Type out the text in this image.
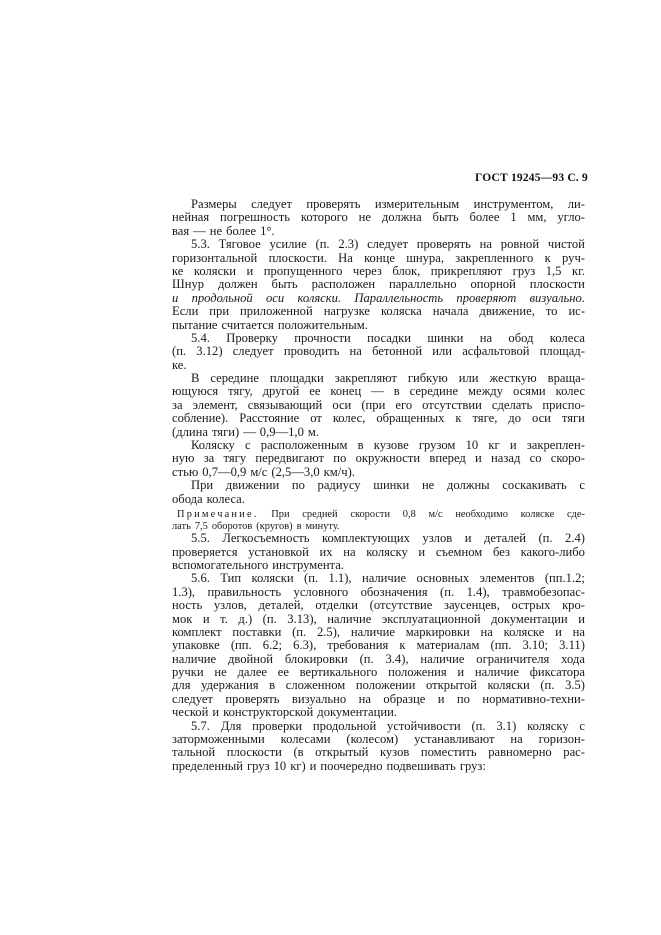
ГОСТ 19245—93 С. 9
Размеры следует проверять измерительным инструментом, ли-
нейная погрешность которого не должна быть более 1 мм, угло-
вая — не более 1°.
5.3. Тяговое усилие (п. 2.3) следует проверять на ровной чистой
горизонтальной плоскости. На конце шнура, закрепленного к руч-
ке коляски и пропущенного через блок, прикрепляют груз 1,5 кг.
Шнур должен быть расположен параллельно опорной плоскости
и продольной оси коляски. Параллельность проверяют визуально.
Если при приложенной нагрузке коляска начала движение, то ис-
пытание считается положительным.
5.4. Проверку прочности посадки шинки на обод колеса
(п. 3.12) следует проводить на бетонной или асфальтовой площад-
ке.
В середине площадки закрепляют гибкую или жесткую враща-
ющуюся тягу, другой ее конец — в середине между осями колес
за элемент, связывающий оси (при его отсутствии сделать приспо-
собление). Расстояние от колес, обращенных к тяге, до оси тяги
(длина тяги) — 0,9—1,0 м.
Коляску с расположенным в кузове грузом 10 кг и закреплен-
ную за тягу передвигают по окружности вперед и назад со скоро-
стью 0,7—0,9 м/с (2,5—3,0 км/ч).
При движении по радиусу шинки не должны соскакивать с
обода колеса.
Примечание. При средней скорости 0,8 м/с необходимо коляске сде-
лать 7,5 оборотов (кругов) в минуту.
5.5. Легкосъемность комплектующих узлов и деталей (п. 2.4)
проверяется установкой их на коляску и съемном без какого-либо
вспомогательного инструмента.
5.6. Тип коляски (п. 1.1), наличие основных элементов (пп.1.2;
1.3), правильность условного обозначения (п. 1.4), травмобезопас-
ность узлов, деталей, отделки (отсутствие заусенцев, острых кро-
мок и т. д.) (п. 3.13), наличие эксплуатационной документации и
комплект поставки (п. 2.5), наличие маркировки на коляске и на
упаковке (пп. 6.2; 6.3), требования к материалам (пп. 3.10; 3.11)
наличие двойной блокировки (п. 3.4), наличие ограничителя хода
ручки не далее ее вертикального положения и наличие фиксатора
для удержания в сложенном положении открытой коляски (п. 3.5)
следует проверять визуально на образце и по нормативно-техни-
ческой и конструкторской документации.
5.7. Для проверки продольной устойчивости (п. 3.1) коляску с
заторможенными колесами (колесом) устанавливают на горизон-
тальной плоскости (в открытый кузов поместить равномерно рас-
пределенный груз 10 кг) и поочередно подвешивать груз:
